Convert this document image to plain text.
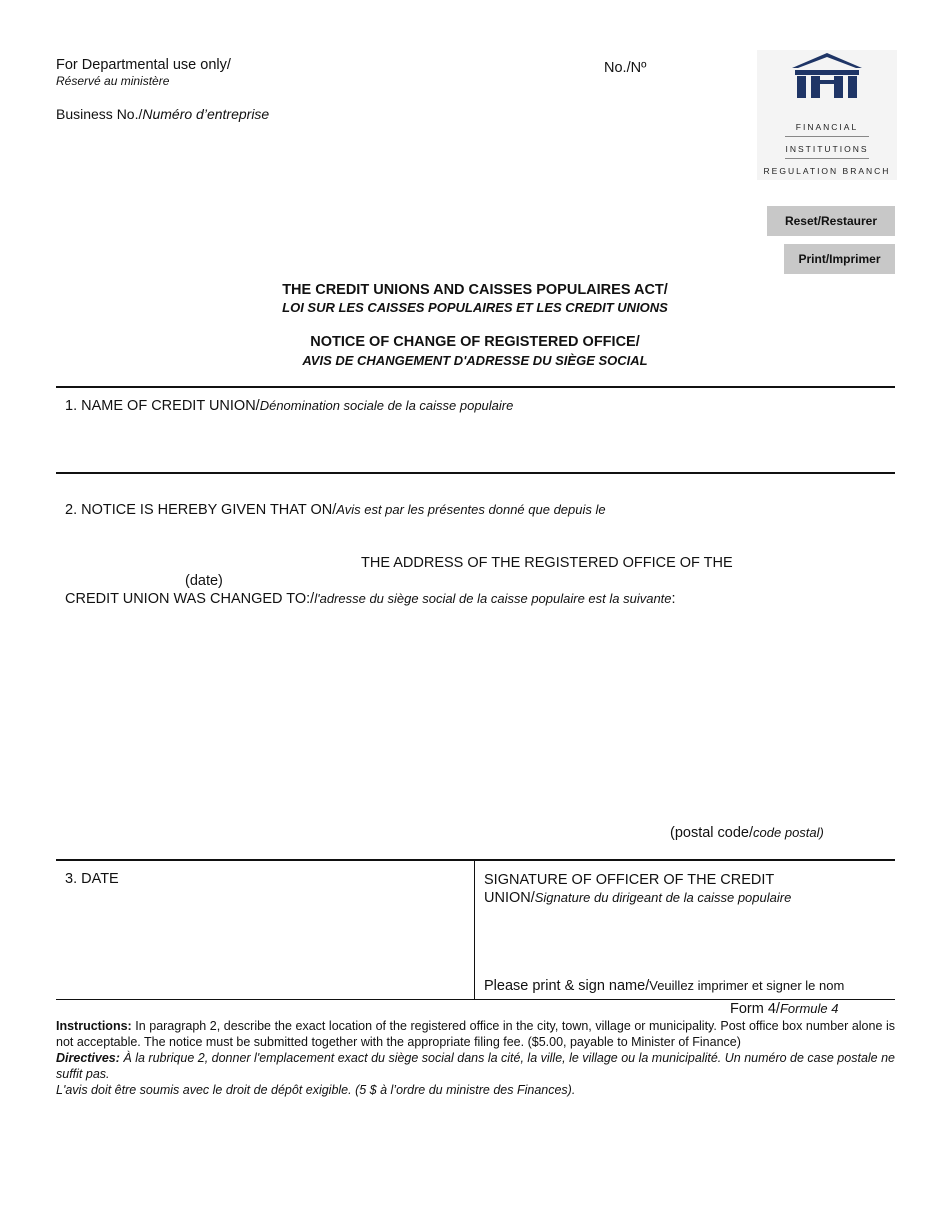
For Departmental use only/
Réservé au ministère
Business No./Numéro d’entreprise
No./Nº
FINANCIAL
INSTITUTIONS
REGULATION BRANCH
Reset/Restaurer
Print/Imprimer
THE CREDIT UNIONS AND CAISSES POPULAIRES ACT/
LOI SUR LES CAISSES POPULAIRES ET LES CREDIT UNIONS
NOTICE OF CHANGE OF REGISTERED OFFICE/
AVIS DE CHANGEMENT D'ADRESSE DU SIÈGE SOCIAL
1. NAME OF CREDIT UNION/Dénomination sociale de la caisse populaire
2. NOTICE IS HEREBY GIVEN THAT ON/Avis est par les présentes donné que depuis le
THE ADDRESS OF THE REGISTERED OFFICE OF THE
(date)
CREDIT UNION WAS CHANGED TO:/l'adresse du siège social de la caisse populaire est la suivante:
(postal code/code postal)
3. DATE	SIGNATURE OF OFFICER OF THE CREDIT
UNION/Signature du dirigeant de la caisse populaire
Please print & sign name/Veuillez imprimer et signer le nom
Form 4/Formule 4

Instructions: In paragraph 2, describe the exact location of the registered office in the city, town, village or municipality. Post office box number alone is not acceptable. The notice must be submitted together with the appropriate filing fee. ($5.00, payable to Minister of Finance)

Directives: À la rubrique 2, donner l'emplacement exact du siège social dans la cité, la ville, le village ou la municipalité. Un numéro de case postale ne suffit pas.

L'avis doit être soumis avec le droit de dépôt exigible. (5 $ à l’ordre du ministre des Finances).
